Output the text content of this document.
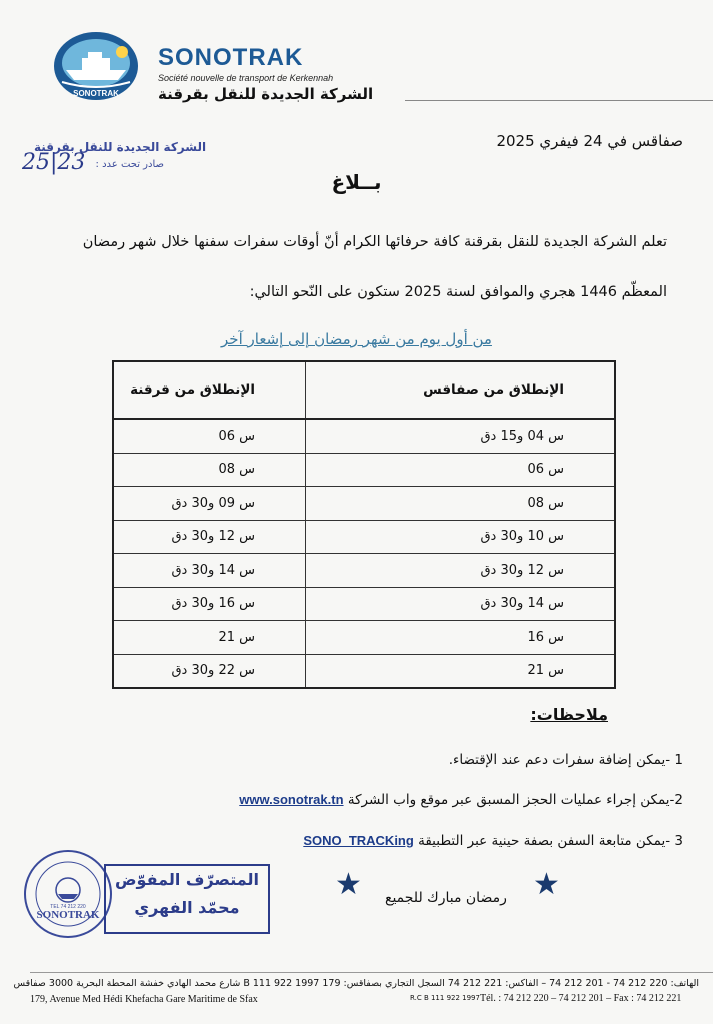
SONOTRAK
SONOTRAK
Société nouvelle de transport de Kerkennah
الشركة الجديدة للنقل بقرقنة
صفاقس في 24 فيفري 2025
الشركة الجديدة للنقل بقرقنة
25|23	صادر تحت عدد :
بــلاغ
تعلم الشركة الجديدة للنقل بقرقنة كافة حرفائها الكرام أنّ أوقات سفرات سفنها خلال شهر رمضان
المعظّم 1446 هجري والموافق لسنة 2025 ستكون على النّحو التالي:
من أول يوم من شهر رمضان إلى إشعار آخر
الإنطلاق من صفاقس	الإنطلاق من قرقنة
س 04 و15 دق	س 06
س 06	س 08
س 08	س 09 و30 دق
س 10 و30 دق	س 12 و30 دق
س 12 و30 دق	س 14 و30 دق
س 14 و30 دق	س 16 و30 دق
س 16	س 21
س 21	س 22 و30 دق
ملاحظات:
1 -يمكن إضافة سفرات دعم عند الإقتضاء.
2-يمكن إجراء عمليات الحجز المسبق عبر موقع واب الشركة www.sonotrak.tn
3 -يمكن متابعة السفن بصفة حينية عبر التطبيقة SONO_TRACKing
SONOTRAK
TEL 74 212 220
المتصرّف المفوّض
محمّد الفهري
★ رمضان مبارك للجميع ★
الهاتف: 220 212 74 - 201 212 74 – الفاكس: 221 212 74 السجل التجاري بصفاقس: B 111 922 1997 179 شارع محمد الهادي خفشة المحطة البحرية 3000 صفاقس
179, Avenue Med Hédi Khefacha Gare Maritime de Sfax	R.C B 111 922 1997 Tél. : 74 212 220 – 74 212 201 – Fax : 74 212 221
